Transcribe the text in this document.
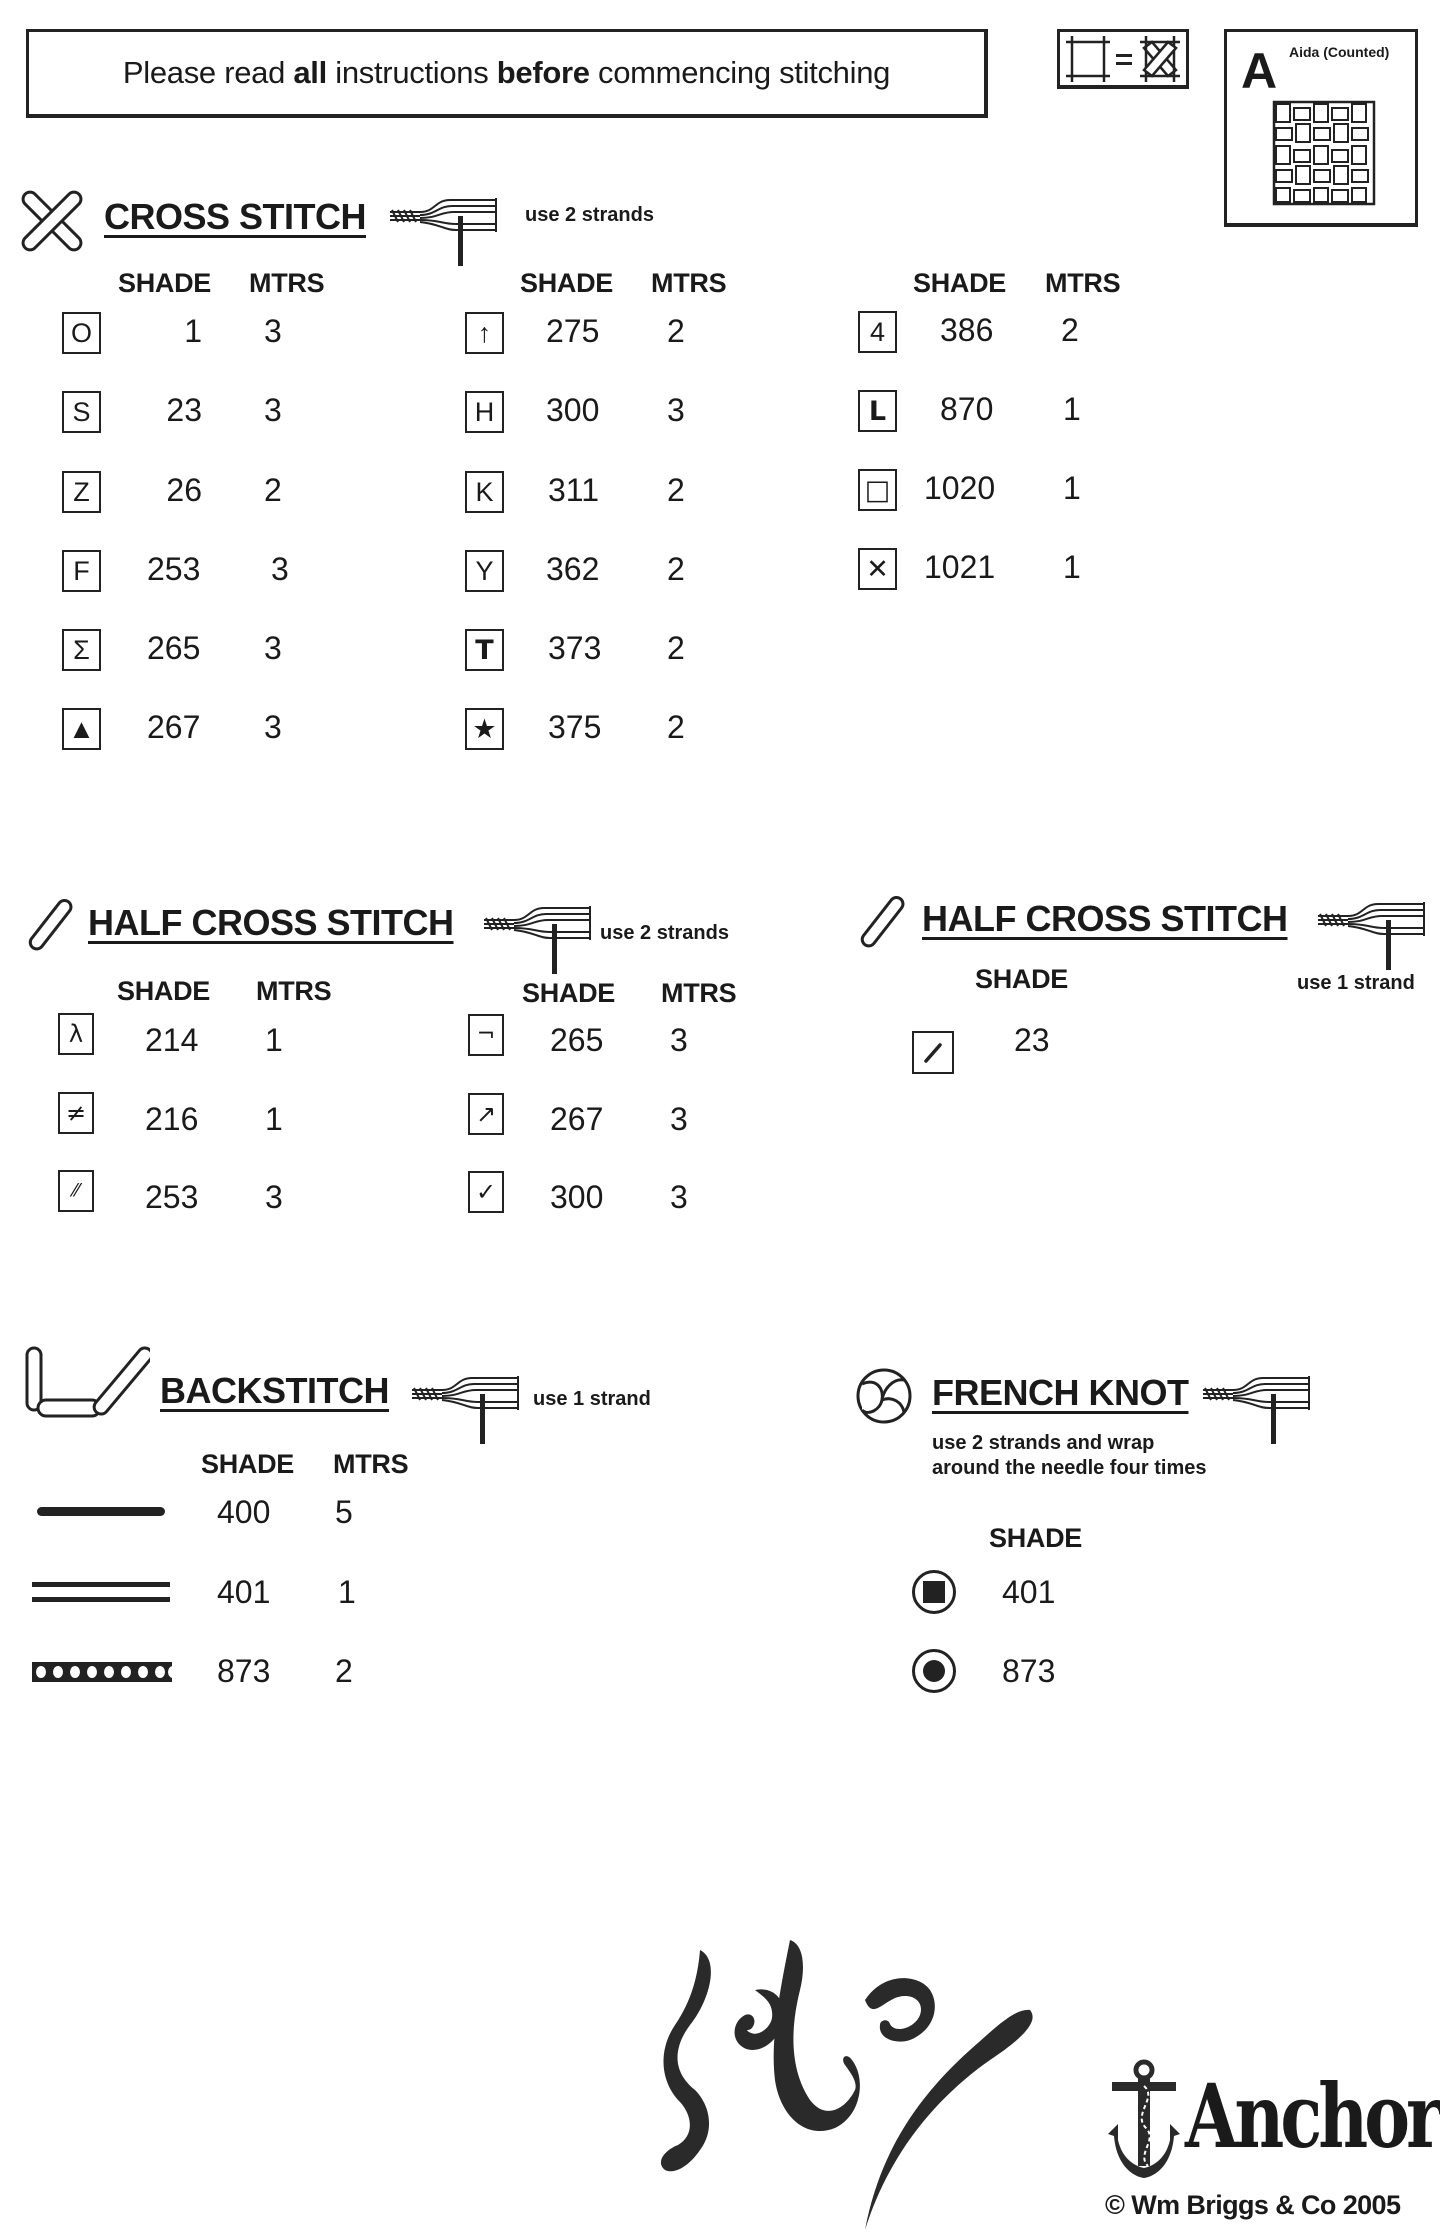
Please read all instructions before commencing stitching	A Aida (Counted)
CROSS STITCH	use 2 strands
SHADE MTRS	SHADE MTRS	SHADE MTRS
O	1 3
S	23 3
Z	26 2
F	253 3
Σ	265 3
▲ 267 3
↑	275 2
H	300 3
K	311 2
Y	362 2
T	373 2
★ 375 2
4	386 2
L	870 1
□ 1020 1
✕ 1021 1
HALF CROSS STITCH	use 2 strands
SHADE MTRS	SHADE MTRS
λ	214 1
≠ 216 1
⁄⁄	253 3
¬ 265 3
↗ 267 3
✓ 300 3
HALF CROSS STITCH
use 1 strand
SHADE
23
BACKSTITCH	use 1 strand
SHADE MTRS
400 5
401 1
873 2
FRENCH KNOT
use 2 strands and wrap
around the needle four times
SHADE
401
873
Anchor
© Wm Briggs & Co 2005
